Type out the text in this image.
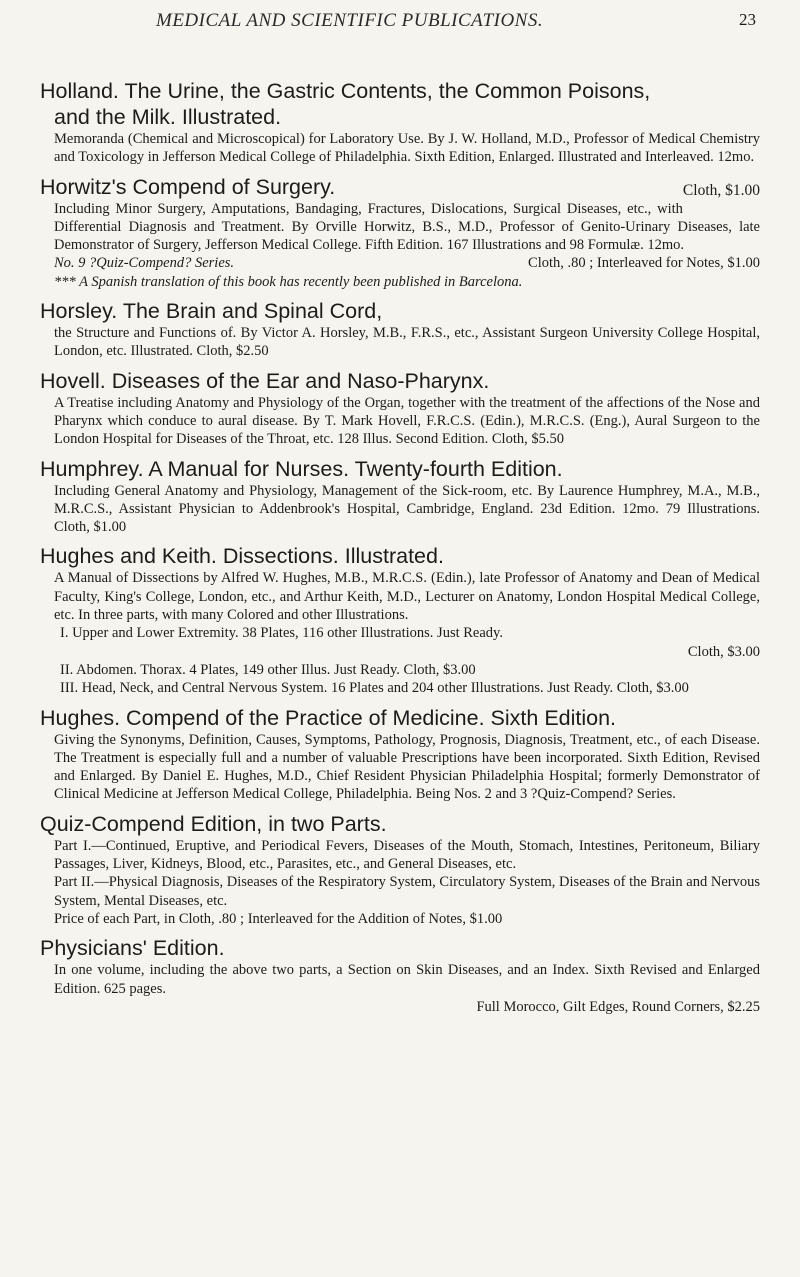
MEDICAL AND SCIENTIFIC PUBLICATIONS.	23
Holland. The Urine, the Gastric Contents, the Common Poisons,
and the Milk. Illustrated.

Memoranda (Chemical and Microscopical) for Laboratory Use. By J. W. Holland, M.D., Professor of Medical Chemistry and Toxicology in Jefferson Medical College of Philadelphia. Sixth Edition, Enlarged. Illustrated and Interleaved. 12mo.

Cloth, $1.00
Horwitz's Compend of Surgery.

Including Minor Surgery, Amputations, Bandaging, Fractures, Dislocations, Surgical Diseases, etc., with Differential Diagnosis and Treatment. By Orville Horwitz, B.S., M.D., Professor of Genito-Urinary Diseases, late Demonstrator of Surgery, Jefferson Medical College. Fifth Edition. 167 Illustrations and 98 Formulæ. 12mo.

No. 9 ?Quiz-Compend? Series.	Cloth, .80 ; Interleaved for Notes, $1.00

*** A Spanish translation of this book has recently been published in Barcelona.

Horsley. The Brain and Spinal Cord,

the Structure and Functions of. By Victor A. Horsley, M.B., F.R.S., etc., Assistant Surgeon University College Hospital, London, etc. Illustrated. Cloth, $2.50

Hovell. Diseases of the Ear and Naso-Pharynx.

A Treatise including Anatomy and Physiology of the Organ, together with the treatment of the affections of the Nose and Pharynx which conduce to aural disease. By T. Mark Hovell, F.R.C.S. (Edin.), M.R.C.S. (Eng.), Aural Surgeon to the London Hospital for Diseases of the Throat, etc. 128 Illus. Second Edition. Cloth, $5.50

Humphrey. A Manual for Nurses. Twenty-fourth Edition.

Including General Anatomy and Physiology, Management of the Sick-room, etc. By Laurence Humphrey, M.A., M.B., M.R.C.S., Assistant Physician to Addenbrook's Hospital, Cambridge, England. 23d Edition. 12mo. 79 Illustrations. Cloth, $1.00

Hughes and Keith. Dissections. Illustrated.

A Manual of Dissections by Alfred W. Hughes, M.B., M.R.C.S. (Edin.), late Professor of Anatomy and Dean of Medical Faculty, King's College, London, etc., and Arthur Keith, M.D., Lecturer on Anatomy, London Hospital Medical College, etc. In three parts, with many Colored and other Illustrations.

I. Upper and Lower Extremity. 38 Plates, 116 other Illustrations. Just Ready.

Cloth, $3.00

II. Abdomen. Thorax. 4 Plates, 149 other Illus. Just Ready. Cloth, $3.00

III. Head, Neck, and Central Nervous System. 16 Plates and 204 other Illustrations. Just Ready. Cloth, $3.00

Hughes. Compend of the Practice of Medicine. Sixth Edition.

Giving the Synonyms, Definition, Causes, Symptoms, Pathology, Prognosis, Diagnosis, Treatment, etc., of each Disease. The Treatment is especially full and a number of valuable Prescriptions have been incorporated. Sixth Edition, Revised and Enlarged. By Daniel E. Hughes, M.D., Chief Resident Physician Philadelphia Hospital; formerly Demonstrator of Clinical Medicine at Jefferson Medical College, Philadelphia. Being Nos. 2 and 3 ?Quiz-Compend? Series.

Quiz-Compend Edition, in two Parts.

Part I.—Continued, Eruptive, and Periodical Fevers, Diseases of the Mouth, Stomach, Intestines, Peritoneum, Biliary Passages, Liver, Kidneys, Blood, etc., Parasites, etc., and General Diseases, etc.

Part II.—Physical Diagnosis, Diseases of the Respiratory System, Circulatory System, Diseases of the Brain and Nervous System, Mental Diseases, etc.

Price of each Part, in Cloth, .80 ; Interleaved for the Addition of Notes, $1.00

Physicians' Edition.

In one volume, including the above two parts, a Section on Skin Diseases, and an Index. Sixth Revised and Enlarged Edition. 625 pages.

Full Morocco, Gilt Edges, Round Corners, $2.25
